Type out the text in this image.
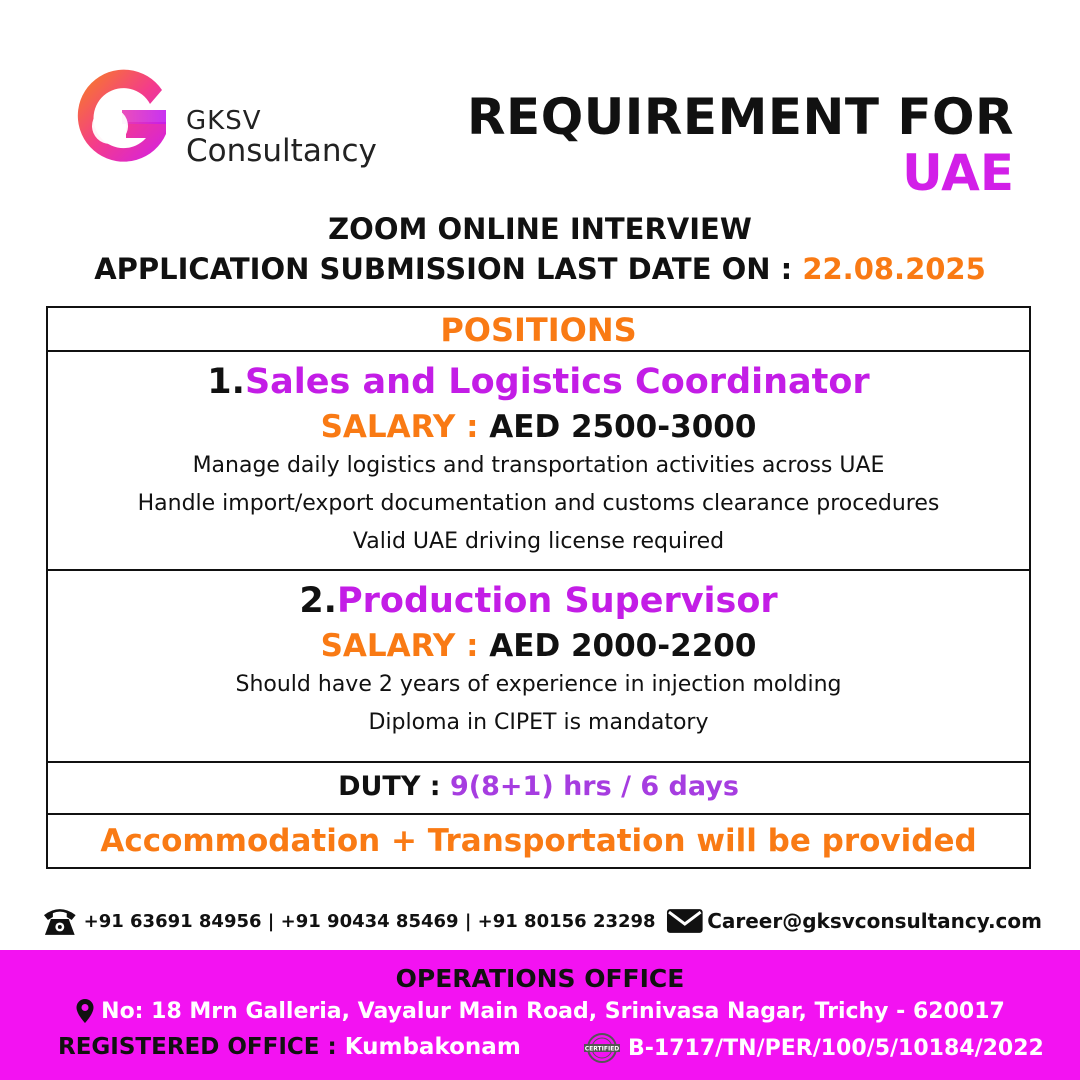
GKSV
Consultancy
REQUIREMENT FOR
UAE
ZOOM ONLINE INTERVIEW
APPLICATION SUBMISSION LAST DATE ON : 22.08.2025
POSITIONS
1.Sales and Logistics Coordinator
SALARY : AED 2500-3000
Manage daily logistics and transportation activities across UAE
Handle import/export documentation and customs clearance procedures
Valid UAE driving license required
2.Production Supervisor
SALARY : AED 2000-2200
Should have 2 years of experience in injection molding
Diploma in CIPET is mandatory
DUTY : 9(8+1) hrs / 6 days
Accommodation + Transportation will be provided
+91 63691 84956 | +91 90434 85469 | +91 80156 23298	Career@gksvconsultancy.com
OPERATIONS OFFICE
No: 18 Mrn Galleria, Vayalur Main Road, Srinivasa Nagar, Trichy - 620017
REGISTERED OFFICE : Kumbakonam	CERTIFIED B-1717/TN/PER/100/5/10184/2022
